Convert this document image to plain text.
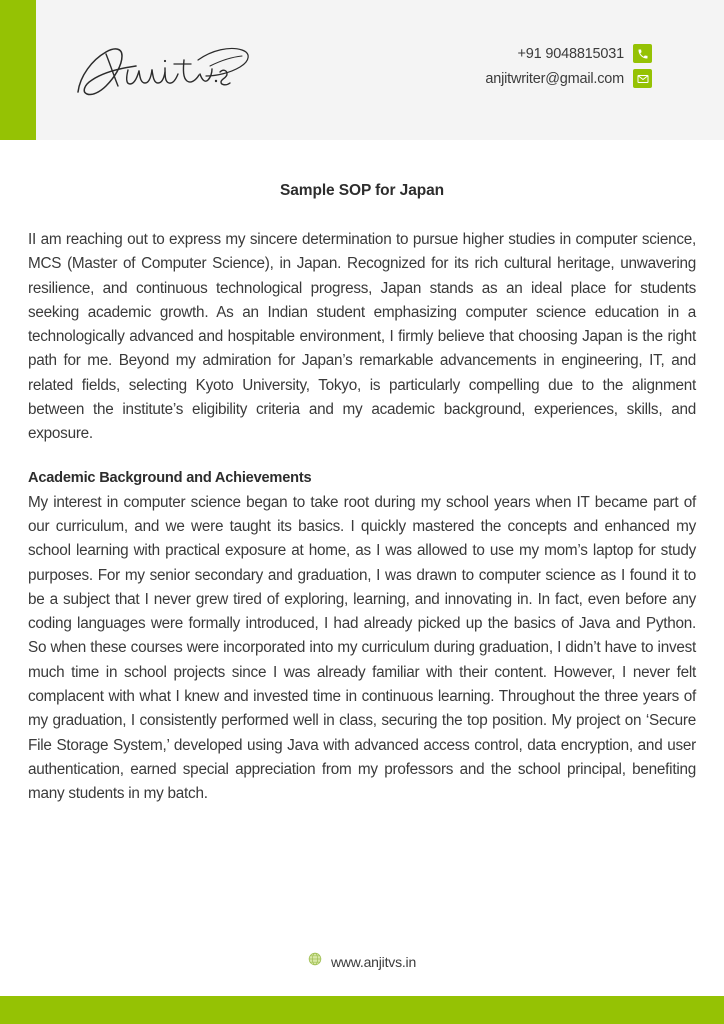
+91 9048815031
anjitwriter@gmail.com
Sample SOP for Japan

II am reaching out to express my sincere determination to pursue higher studies in computer science, MCS (Master of Computer Science), in Japan. Recognized for its rich cultural heritage, unwavering resilience, and continuous technological progress, Japan stands as an ideal place for students seeking academic growth. As an Indian student emphasizing computer science education in a technologically advanced and hospitable environment, I firmly believe that choosing Japan is the right path for me. Beyond my admiration for Japan’s remarkable advancements in engineering, IT, and related fields, selecting Kyoto University, Tokyo, is particularly compelling due to the alignment between the institute’s eligibility criteria and my academic background, experiences, skills, and exposure.

Academic Background and Achievements

My interest in computer science began to take root during my school years when IT became part of our curriculum, and we were taught its basics. I quickly mastered the concepts and enhanced my school learning with practical exposure at home, as I was allowed to use my mom’s laptop for study purposes. For my senior secondary and graduation, I was drawn to computer science as I found it to be a subject that I never grew tired of exploring, learning, and innovating in. In fact, even before any coding languages were formally introduced, I had already picked up the basics of Java and Python. So when these courses were incorporated into my curriculum during graduation, I didn’t have to invest much time in school projects since I was already familiar with their content. However, I never felt complacent with what I knew and invested time in continuous learning. Throughout the three years of my graduation, I consistently performed well in class, securing the top position. My project on ‘Secure File Storage System,’ developed using Java with advanced access control, data encryption, and user authentication, earned special appreciation from my professors and the school principal, benefiting many students in my batch.

www.anjitvs.in
